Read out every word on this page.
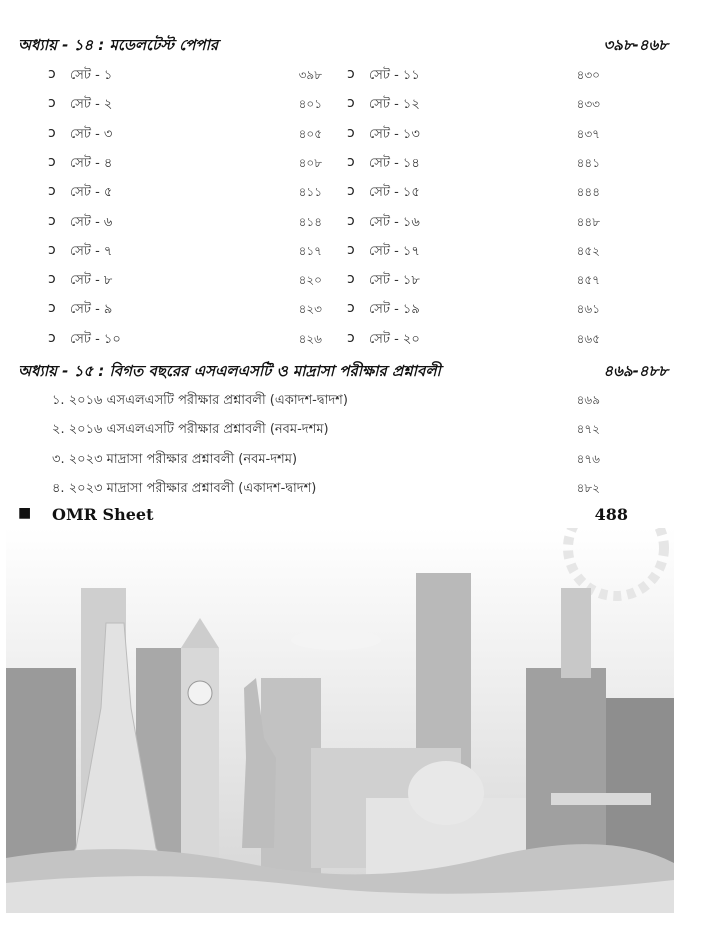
অধ্যায় - ১৪ : মডেলটেস্ট পেপার	৩৯৮-৪৬৮
ↄ সেট - ১	৩৯৮ ↄ সেট - ১১	৪৩০
ↄ সেট - ২	৪০১ ↄ সেট - ১২	৪৩৩
ↄ সেট - ৩	৪০৫ ↄ সেট - ১৩	৪৩৭
ↄ সেট - ৪	৪০৮ ↄ সেট - ১৪	৪৪১
ↄ সেট - ৫	৪১১ ↄ সেট - ১৫	৪৪৪
ↄ সেট - ৬	৪১৪ ↄ সেট - ১৬	৪৪৮
ↄ সেট - ৭	৪১৭ ↄ সেট - ১৭	৪৫২
ↄ সেট - ৮	৪২০ ↄ সেট - ১৮	৪৫৭
ↄ সেট - ৯	৪২৩ ↄ সেট - ১৯	৪৬১
ↄ সেট - ১০	৪২৬ ↄ সেট - ২০	৪৬৫
অধ্যায় - ১৫ : বিগত বছরের এসএলএসটি ও মাদ্রাসা পরীক্ষার প্রশ্নাবলী	৪৬৯-৪৮৮
১. ২০১৬ এসএলএসটি পরীক্ষার প্রশ্নাবলী (একাদশ-দ্বাদশ)	৪৬৯
২. ২০১৬ এসএলএসটি পরীক্ষার প্রশ্নাবলী (নবম-দশম)	৪৭২
৩. ২০২৩ মাদ্রাসা পরীক্ষার প্রশ্নাবলী (নবম-দশম)	৪৭৬
৪. ২০২৩ মাদ্রাসা পরীক্ষার প্রশ্নাবলী (একাদশ-দ্বাদশ)	৪৮২
■ OMR Sheet	488
